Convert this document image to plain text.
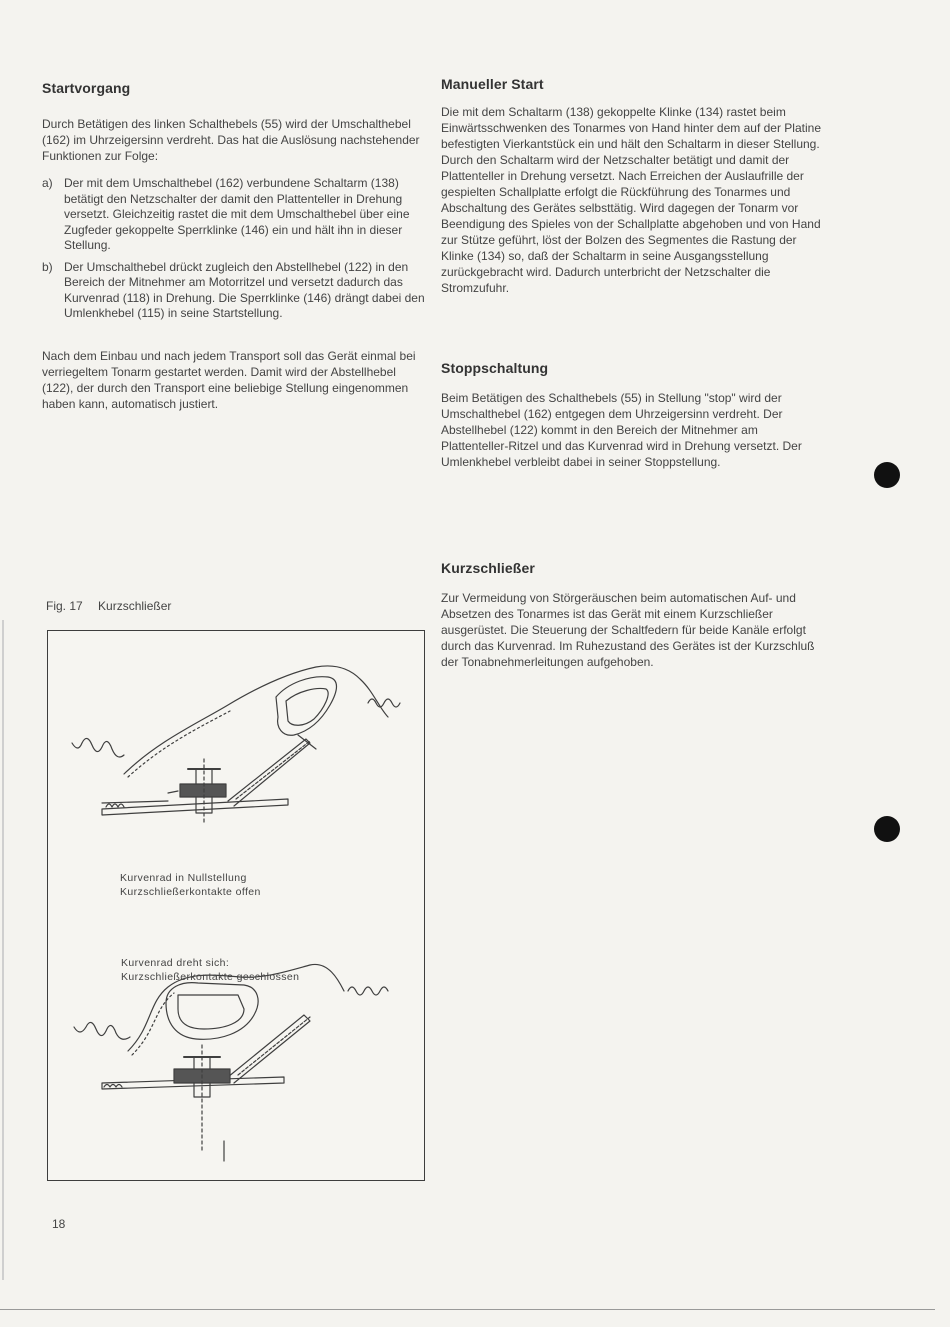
Startvorgang

Durch Betätigen des linken Schalthebels (55) wird der Umschalthebel (162) im Uhrzeigersinn verdreht. Das hat die Auslösung nachstehender Funktionen zur Folge:

a) Der mit dem Umschalthebel (162) verbundene Schaltarm (138) betätigt den Netzschalter der damit den Plattenteller in Drehung versetzt. Gleichzeitig rastet die mit dem Umschalthebel über eine Zugfeder gekoppelte Sperrklinke (146) ein und hält ihn in dieser Stellung.
b) Der Umschalthebel drückt zugleich den Abstellhebel (122) in den Bereich der Mitnehmer am Motorritzel und versetzt dadurch das Kurvenrad (118) in Drehung. Die Sperrklinke (146) drängt dabei den Umlenkhebel (115) in seine Startstellung.

Nach dem Einbau und nach jedem Transport soll das Gerät einmal bei verriegeltem Tonarm gestartet werden. Damit wird der Abstellhebel (122), der durch den Transport eine beliebige Stellung eingenommen haben kann, automatisch justiert.

Manueller Start

Die mit dem Schaltarm (138) gekoppelte Klinke (134) rastet beim Einwärtsschwenken des Tonarmes von Hand hinter dem auf der Platine befestigten Vierkantstück ein und hält den Schaltarm in dieser Stellung. Durch den Schaltarm wird der Netzschalter betätigt und damit der Plattenteller in Drehung versetzt. Nach Erreichen der Auslaufrille der gespielten Schallplatte erfolgt die Rückführung des Tonarmes und Abschaltung des Gerätes selbsttätig. Wird dagegen der Tonarm vor Beendigung des Spieles von der Schallplatte abgehoben und von Hand zur Stütze geführt, löst der Bolzen des Segmentes die Rastung der Klinke (134) so, daß der Schaltarm in seine Ausgangsstellung zurückgebracht wird. Dadurch unterbricht der Netzschalter die Stromzufuhr.

Stoppschaltung

Beim Betätigen des Schalthebels (55) in Stellung "stop" wird der Umschalthebel (162) entgegen dem Uhrzeigersinn verdreht. Der Abstellhebel (122) kommt in den Bereich der Mitnehmer am Plattenteller-Ritzel und das Kurvenrad wird in Drehung versetzt. Der Umlenkhebel verbleibt dabei in seiner Stoppstellung.

Kurzschließer

Zur Vermeidung von Störgeräuschen beim automatischen Auf- und Absetzen des Tonarmes ist das Gerät mit einem Kurzschließer ausgerüstet. Die Steuerung der Schaltfedern für beide Kanäle erfolgt durch das Kurvenrad. Im Ruhezustand des Gerätes ist der Kurzschluß der Tonabnehmerleitungen aufgehoben.

Fig. 17 Kurzschließer
Kurvenrad in Nullstellung
Kurzschließerkontakte offen
Kurvenrad dreht sich:
Kurzschließerkontakte geschlossen
18
